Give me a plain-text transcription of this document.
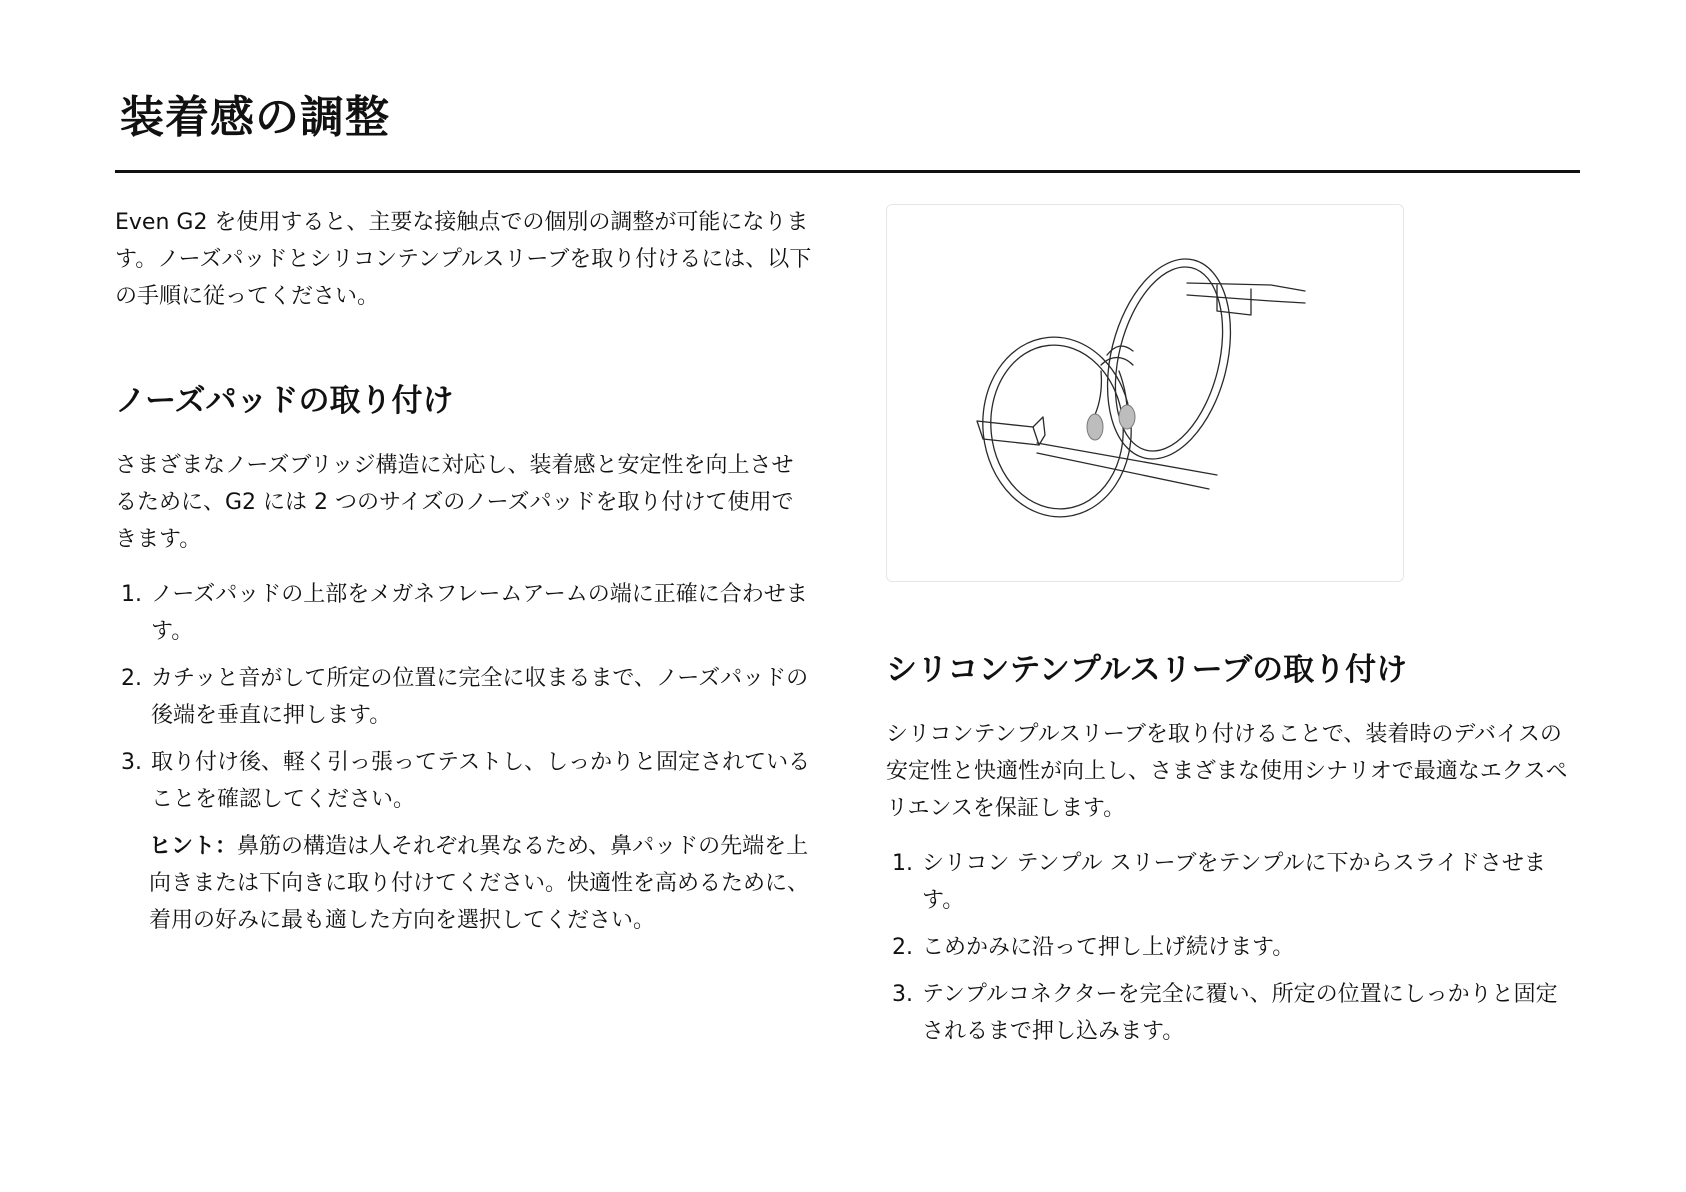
装着感の調整

Even G2 を使用すると、主要な接触点での個別の調整が可能になります。ノーズパッドとシリコンテンプルスリーブを取り付けるには、以下の手順に従ってください。

ノーズパッドの取り付け

さまざまなノーズブリッジ構造に対応し、装着感と安定性を向上させるために、G2 には 2 つのサイズのノーズパッドを取り付けて使用できます。

1. ノーズパッドの上部をメガネフレームアームの端に正確に合わせます。
2. カチッと音がして所定の位置に完全に収まるまで、ノーズパッドの後端を垂直に押します。
3. 取り付け後、軽く引っ張ってテストし、しっかりと固定されていることを確認してください。

ヒント：鼻筋の構造は人それぞれ異なるため、鼻パッドの先端を上向きまたは下向きに取り付けてください。快適性を高めるために、着用の好みに最も適した方向を選択してください。

シリコンテンプルスリーブの取り付け

シリコンテンプルスリーブを取り付けることで、装着時のデバイスの安定性と快適性が向上し、さまざまな使用シナリオで最適なエクスペリエンスを保証します。

1. シリコン テンプル スリーブをテンプルに下からスライドさせます。
2. こめかみに沿って押し上げ続けます。
3. テンプルコネクターを完全に覆い、所定の位置にしっかりと固定されるまで押し込みます。
